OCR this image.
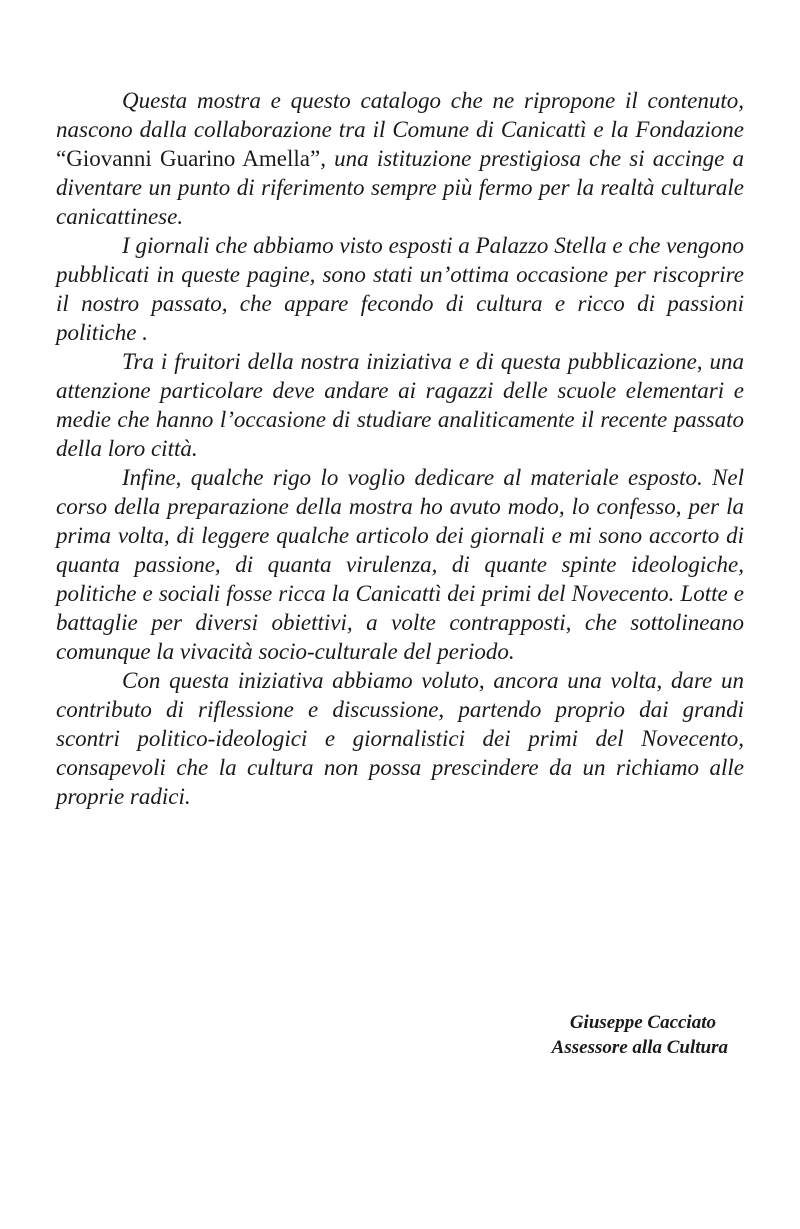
Questa mostra e questo catalogo che ne ripropone il contenuto, nascono dalla collaborazione tra il Comune di Canicattì e la Fondazione “Giovanni Guarino Amella”, una istituzione prestigiosa che si accinge a diventare un punto di riferimento sempre più fermo per la realtà culturale canicattinese.

I giornali che abbiamo visto esposti a Palazzo Stella e che vengono pubblicati in queste pagine, sono stati un’ottima occasione per riscoprire il nostro passato, che appare fecondo di cultura e ricco di passioni politiche .

Tra i fruitori della nostra iniziativa e di questa pubblicazione, una attenzione particolare deve andare ai ragazzi delle scuole elementari e medie che hanno l’occasione di studiare analiticamente il recente passato della loro città.

Infine, qualche rigo lo voglio dedicare al materiale esposto. Nel corso della preparazione della mostra ho avuto modo, lo confesso, per la prima volta, di leggere qualche articolo dei giornali e mi sono accorto di quanta passione, di quanta virulenza, di quante spinte ideologiche, politiche e sociali fosse ricca la Canicattì dei primi del Novecento. Lotte e battaglie per diversi obiettivi, a volte contrapposti, che sottolineano comunque la vivacità socio-culturale del periodo.

Con questa iniziativa abbiamo voluto, ancora una volta, dare un contributo di riflessione e discussione, partendo proprio dai grandi scontri politico-ideologici e giornalistici dei primi del Novecento, consapevoli che la cultura non possa prescindere da un richiamo alle proprie radici.

Giuseppe Cacciato
Assessore alla Cultura
